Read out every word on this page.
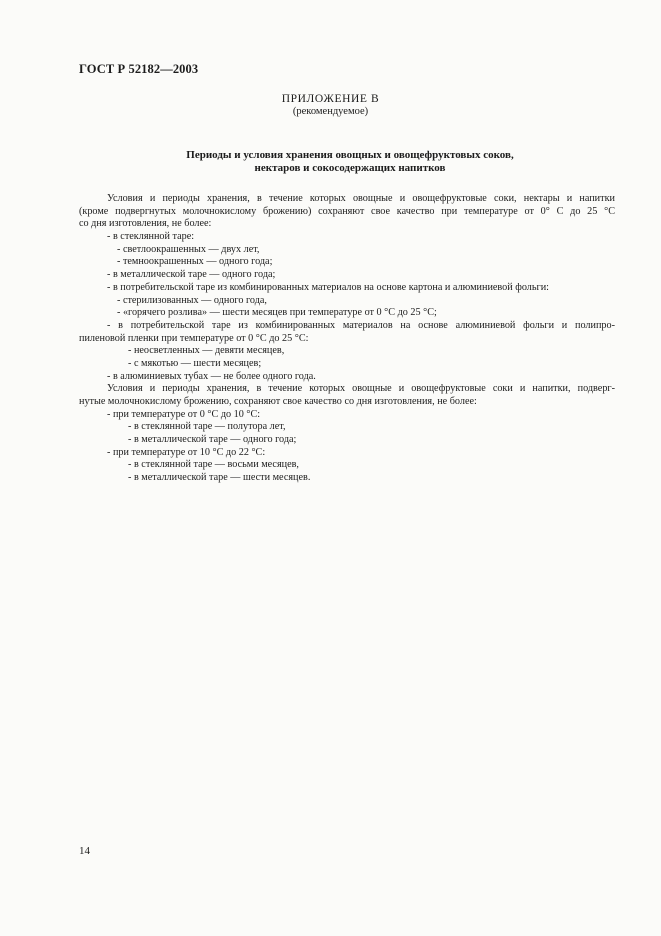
ГОСТ Р 52182—2003
ПРИЛОЖЕНИЕ В
(рекомендуемое)
Периоды и условия хранения овощных и овощефруктовых соков,
нектаров и сокосодержащих напитков
Условия и периоды хранения, в течение которых овощные и овощефруктовые соки, нектары и напитки
(кроме подвергнутых молочнокислому брожению) сохраняют свое качество при температуре от 0° С до 25 °С
со дня изготовления, не более:
- в стеклянной таре:
- светлоокрашенных — двух лет,
- темноокрашенных — одного года;
- в металлической таре — одного года;
- в потребительской таре из комбинированных материалов на основе картона и алюминиевой фольги:
- стерилизованных — одного года,
- «горячего розлива» — шести месяцев при температуре от 0 °С до 25 °С;
- в потребительской таре из комбинированных материалов на основе алюминиевой фольги и полипро-
пиленовой пленки при температуре от 0 °С до 25 °С:
- неосветленных — девяти месяцев,
- с мякотью — шести месяцев;
- в алюминиевых тубах — не более одного года.
Условия и периоды хранения, в течение которых овощные и овощефруктовые соки и напитки, подверг-
нутые молочнокислому брожению, сохраняют свое качество со дня изготовления, не более:
- при температуре от 0 °С до 10 °С:
- в стеклянной таре — полутора лет,
- в металлической таре — одного года;
- при температуре от 10 °С до 22 °С:
- в стеклянной таре — восьми месяцев,
- в металлической таре — шести месяцев.
14
